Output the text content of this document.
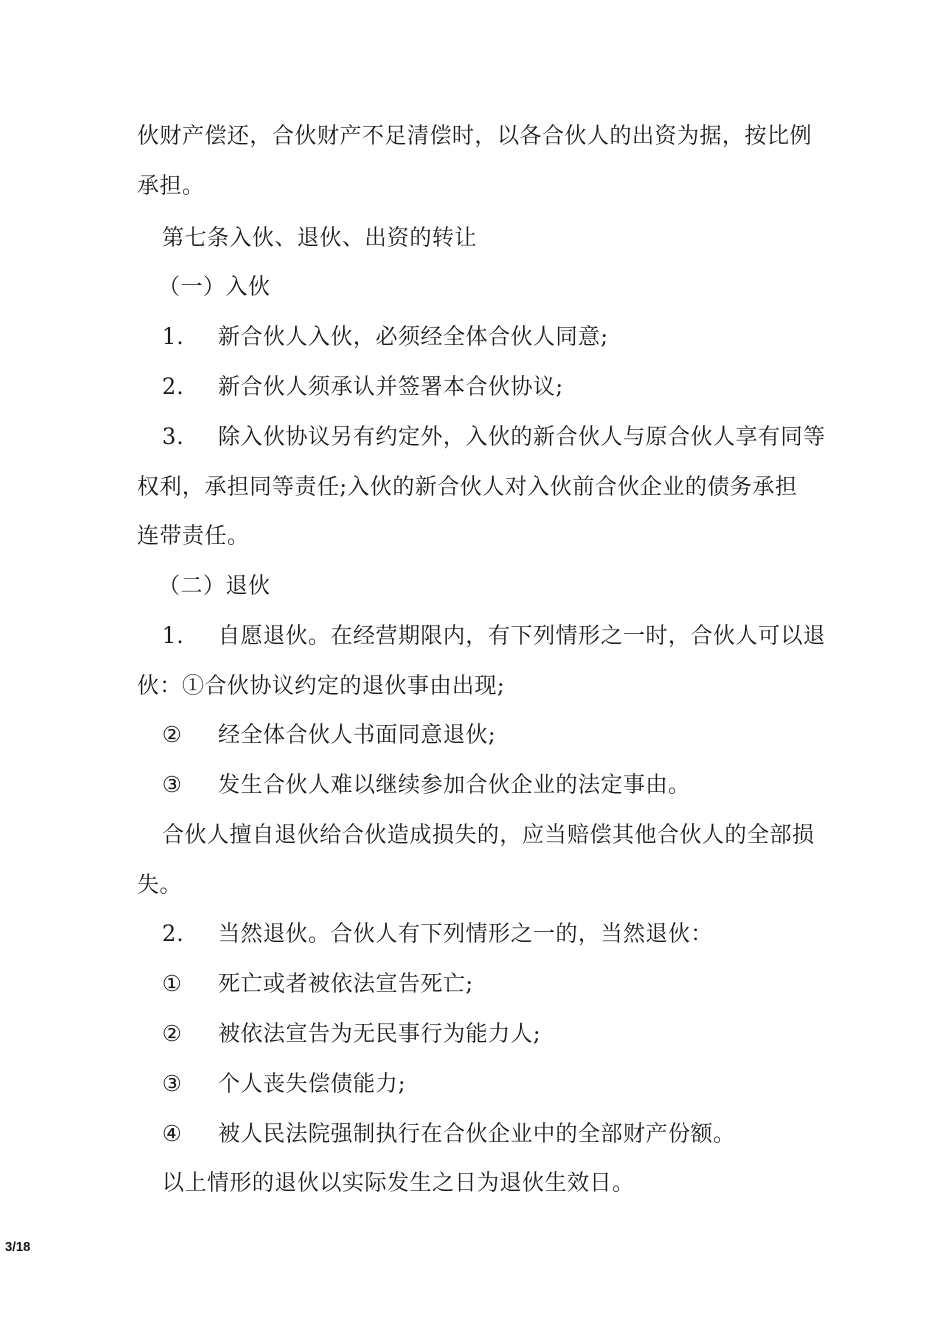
伙财产偿还，合伙财产不足清偿时，以各合伙人的出资为据，按比例
承担。
第七条入伙、退伙、出资的转让
（一）入伙
1. 新合伙人入伙，必须经全体合伙人同意;
2. 新合伙人须承认并签署本合伙协议;
3. 除入伙协议另有约定外，入伙的新合伙人与原合伙人享有同等
权利，承担同等责任;入伙的新合伙人对入伙前合伙企业的债务承担
连带责任。
（二）退伙
1. 自愿退伙。在经营期限内，有下列情形之一时，合伙人可以退
伙：①合伙协议约定的退伙事由出现;
② 经全体合伙人书面同意退伙;
③ 发生合伙人难以继续参加合伙企业的法定事由。
合伙人擅自退伙给合伙造成损失的，应当赔偿其他合伙人的全部损
失。
2. 当然退伙。合伙人有下列情形之一的，当然退伙：
① 死亡或者被依法宣告死亡;
② 被依法宣告为无民事行为能力人;
③ 个人丧失偿债能力;
④ 被人民法院强制执行在合伙企业中的全部财产份额。
以上情形的退伙以实际发生之日为退伙生效日。
3/18
